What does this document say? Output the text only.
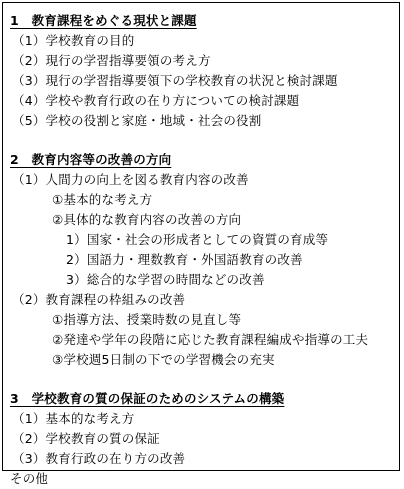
1　教育課程をめぐる現状と課題
（1）学校教育の目的
（2）現行の学習指導要領の考え方
（3）現行の学習指導要領下の学校教育の状況と検討課題
（4）学校や教育行政の在り方についての検討課題
（5）学校の役割と家庭・地域・社会の役割
2　教育内容等の改善の方向
（1）人間力の向上を図る教育内容の改善
①基本的な考え方
②具体的な教育内容の改善の方向
1）国家・社会の形成者としての資質の育成等
2）国語力・理数教育・外国語教育の改善
3）総合的な学習の時間などの改善
（2）教育課程の枠組みの改善
①指導方法、授業時数の見直し等
②発達や学年の段階に応じた教育課程編成や指導の工夫
③学校週5日制の下での学習機会の充実
3　学校教育の質の保証のためのシステムの構築
（1）基本的な考え方
（2）学校教育の質の保証
（3）教育行政の在り方の改善
その他
